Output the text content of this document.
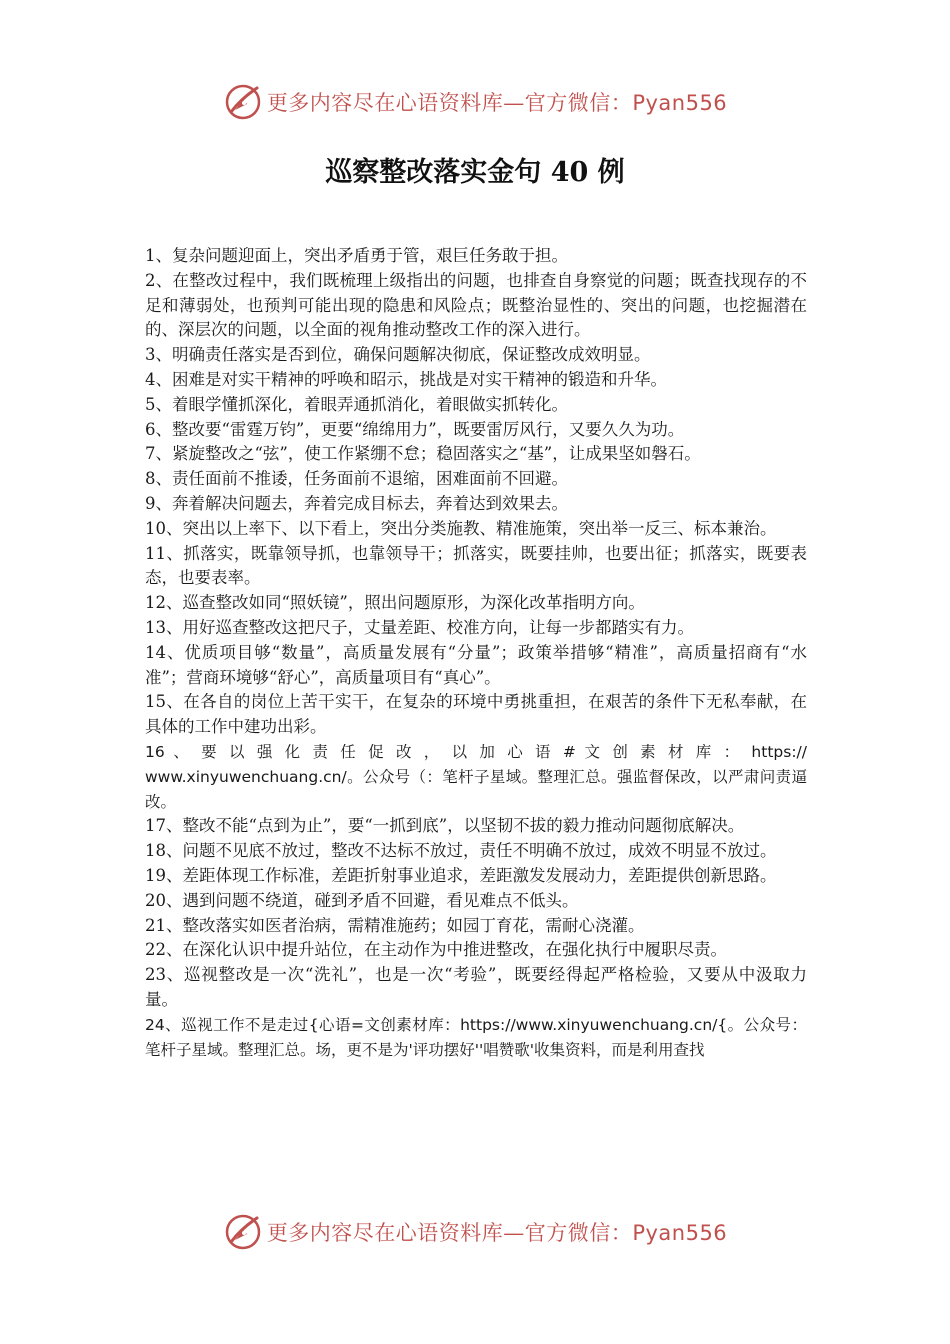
更多内容尽在心语资料库—官方微信：Pyan556
巡察整改落实金句 40 例

1、复杂问题迎面上，突出矛盾勇于管，艰巨任务敢于担。

2、在整改过程中，我们既梳理上级指出的问题，也排查自身察觉的问题；既查找现存的不足和薄弱处，也预判可能出现的隐患和风险点；既整治显性的、突出的问题，也挖掘潜在的、深层次的问题，以全面的视角推动整改工作的深入进行。

3、明确责任落实是否到位，确保问题解决彻底，保证整改成效明显。

4、困难是对实干精神的呼唤和昭示，挑战是对实干精神的锻造和升华。

5、着眼学懂抓深化，着眼弄通抓消化，着眼做实抓转化。

6、整改要“雷霆万钧”，更要“绵绵用力”，既要雷厉风行，又要久久为功。

7、紧旋整改之“弦”，使工作紧绷不怠；稳固落实之“基”，让成果坚如磐石。

8、责任面前不推诿，任务面前不退缩，困难面前不回避。

9、奔着解决问题去，奔着完成目标去，奔着达到效果去。

10、突出以上率下、以下看上，突出分类施教、精准施策，突出举一反三、标本兼治。

11、抓落实，既靠领导抓，也靠领导干；抓落实，既要挂帅，也要出征；抓落实，既要表态，也要表率。

12、巡查整改如同“照妖镜”，照出问题原形，为深化改革指明方向。

13、用好巡查整改这把尺子，丈量差距、校准方向，让每一步都踏实有力。

14、优质项目够“数量”，高质量发展有“分量”；政策举措够“精准”，高质量招商有“水准”；营商环境够“舒心”，高质量项目有“真心”。

15、在各自的岗位上苦干实干，在复杂的环境中勇挑重担，在艰苦的条件下无私奉献，在具体的工作中建功出彩。

16 、 要 以 强 化 责 任 促 改 ， 以 加 心 语 # 文 创 素 材 库 ： https:// www.xinyuwenchuang.cn/。公众号（：笔杆子星域。整理汇总。强监督保改，以严肃问责逼改。

17、整改不能“点到为止”，要“一抓到底”，以坚韧不拔的毅力推动问题彻底解决。

18、问题不见底不放过，整改不达标不放过，责任不明确不放过，成效不明显不放过。

19、差距体现工作标准，差距折射事业追求，差距激发发展动力，差距提供创新思路。

20、遇到问题不绕道，碰到矛盾不回避，看见难点不低头。

21、整改落实如医者治病，需精准施药；如园丁育花，需耐心浇灌。

22、在深化认识中提升站位，在主动作为中推进整改，在强化执行中履职尽责。

23、巡视整改是一次“洗礼”，也是一次“考验”，既要经得起严格检验，又要从中汲取力量。

24、巡视工作不是走过{心语=文创素材库：https://www.xinyuwenchuang.cn/{。公众号：笔杆子星域。整理汇总。场，更不是为'评功摆好''唱赞歌'收集资料，而是利用查找

更多内容尽在心语资料库—官方微信：Pyan556
